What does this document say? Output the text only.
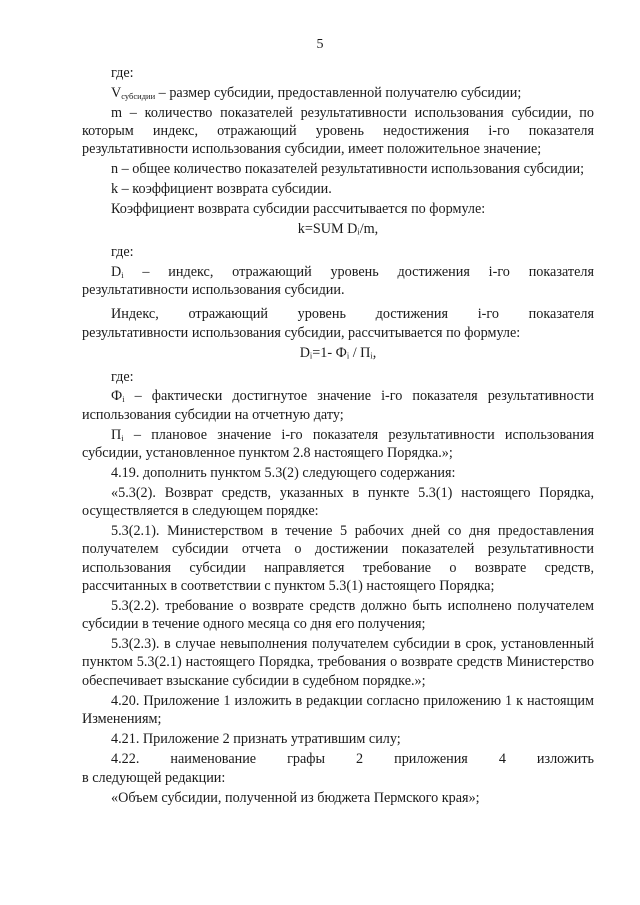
5

где:

$V_{субсидии}$ – размер субсидии, предоставленной получателю субсидии;

m – количество показателей результативности использования субсидии, по которым индекс, отражающий уровень недостижения i-го показателя результативности использования субсидии, имеет положительное значение;

n – общее количество показателей результативности использования субсидии;

k – коэффициент возврата субсидии.

Коэффициент возврата субсидии рассчитывается по формуле:

k=SUM Dᵢ/m,

где:

$D_i$ – индекс, отражающий уровень достижения i-го показателя результативности использования субсидии.

Индекс, отражающий уровень достижения i-го показателя

результативности использования субсидии, рассчитывается по формуле:

Dᵢ=1- Фᵢ / Пᵢ,

где:

$Ф_i$ – фактически достигнутое значение i-го показателя результативности использования субсидии на отчетную дату;

$П_i$ – плановое значение i-го показателя результативности использования субсидии, установленное пунктом 2.8 настоящего Порядка.»;

4.19. дополнить пунктом 5.3(2) следующего содержания:

«5.3(2). Возврат средств, указанных в пункте 5.3(1) настоящего Порядка, осуществляется в следующем порядке:

5.3(2.1). Министерством в течение 5 рабочих дней со дня предоставления получателем субсидии отчета о достижении показателей результативности использования субсидии направляется требование о возврате средств, рассчитанных в соответствии с пунктом 5.3(1) настоящего Порядка;

5.3(2.2). требование о возврате средств должно быть исполнено получателем субсидии в течение одного месяца со дня его получения;

5.3(2.3). в случае невыполнения получателем субсидии в срок, установленный пунктом 5.3(2.1) настоящего Порядка, требования о возврате средств Министерство обеспечивает взыскание субсидии в судебном порядке.»;

4.20. Приложение 1 изложить в редакции согласно приложению 1 к настоящим Изменениям;

4.21. Приложение 2 признать утратившим силу;

4.22. наименование графы 2 приложения 4 изложить

в следующей редакции:

«Объем субсидии, полученной из бюджета Пермского края»;
